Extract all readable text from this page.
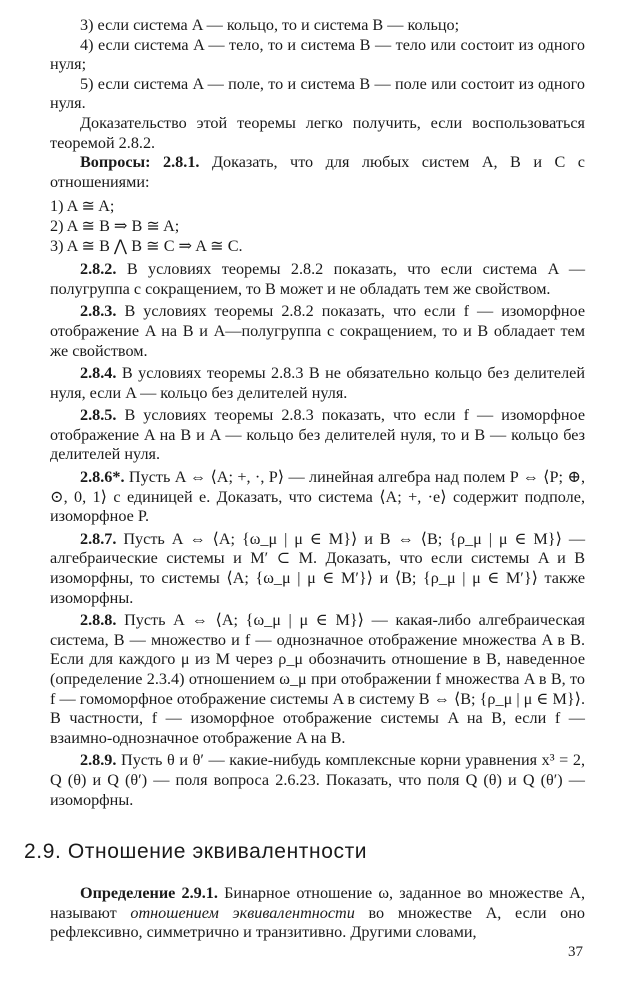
3) если система A — кольцо, то и система B — кольцо;

4) если система A — тело, то и система B — тело или состоит из одного нуля;

5) если система A — поле, то и система B — поле или состоит из одного нуля.

Доказательство этой теоремы легко получить, если воспользоваться теоремой 2.8.2.

Вопросы: 2.8.1. Доказать, что для любых систем A, B и C с отношениями:

1) A ≅ A;

2) A ≅ B ⇒ B ≅ A;

3) A ≅ B ⋀ B ≅ C ⇒ A ≅ C.

2.8.2. В условиях теоремы 2.8.2 показать, что если система A — полугруппа с сокращением, то B может и не обладать тем же свойством.

2.8.3. В условиях теоремы 2.8.2 показать, что если f — изоморфное отображение A на B и A—полугруппа с сокращением, то и B обладает тем же свойством.

2.8.4. В условиях теоремы 2.8.3 B не обязательно кольцо без делителей нуля, если A — кольцо без делителей нуля.

2.8.5. В условиях теоремы 2.8.3 показать, что если f — изоморфное отображение A на B и A — кольцо без делителей нуля, то и B — кольцо без делителей нуля.

2.8.6*. Пусть A ⇔ ⟨A; +, ·, P⟩ — линейная алгебра над полем P ⇔ ⟨P; ⊕, ⊙, 0, 1⟩ с единицей e. Доказать, что система ⟨A; +, ·e⟩ содержит подполе, изоморфное P.

2.8.7. Пусть A ⇔ ⟨A; {ω_μ | μ ∈ M}⟩ и B ⇔ ⟨B; {ρ_μ | μ ∈ M}⟩ — алгебраические системы и M′ ⊂ M. Доказать, что если системы A и B изоморфны, то системы ⟨A; {ω_μ | μ ∈ M′}⟩ и ⟨B; {ρ_μ | μ ∈ M′}⟩ также изоморфны.

2.8.8. Пусть A ⇔ ⟨A; {ω_μ | μ ∈ M}⟩ — какая-либо алгебраическая система, B — множество и f — однозначное отображение множества A в B. Если для каждого μ из M через ρ_μ обозначить отношение в B, наведенное (определение 2.3.4) отношением ω_μ при отображении f множества A в B, то f — гомоморфное отображение системы A в систему B ⇔ ⟨B; {ρ_μ | μ ∈ M}⟩. В частности, f — изоморфное отображение системы A на B, если f — взаимно-однозначное отображение A на B.

2.8.9. Пусть θ и θ′ — какие-нибудь комплексные корни уравнения x³ = 2, Q (θ) и Q (θ′) — поля вопроса 2.6.23. Показать, что поля Q (θ) и Q (θ′) — изоморфны.

2.9. Отношение эквивалентности

Определение 2.9.1. Бинарное отношение ω, заданное во множестве A, называют отношением эквивалентности во множестве A, если оно рефлексивно, симметрично и транзитивно. Другими словами,

37
